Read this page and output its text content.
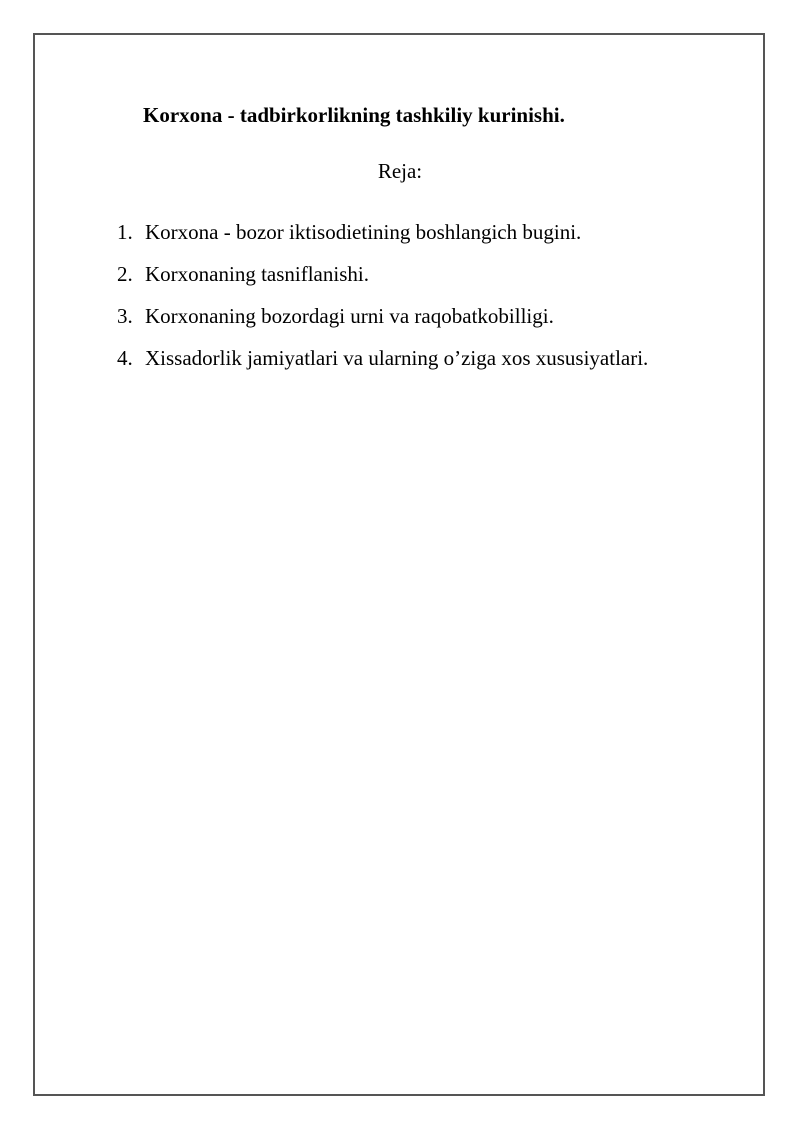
Korxona - tadbirkorlikning tashkiliy kurinishi.

Reja:

1. Korxona - bozor iktisodietining boshlangich bugini.
2. Korxonaning tasniflanishi.
3. Korxonaning bozordagi urni va raqobatkobilligi.
4. Xissadorlik jamiyatlari va ularning o’ziga xos xususiyatlari.
